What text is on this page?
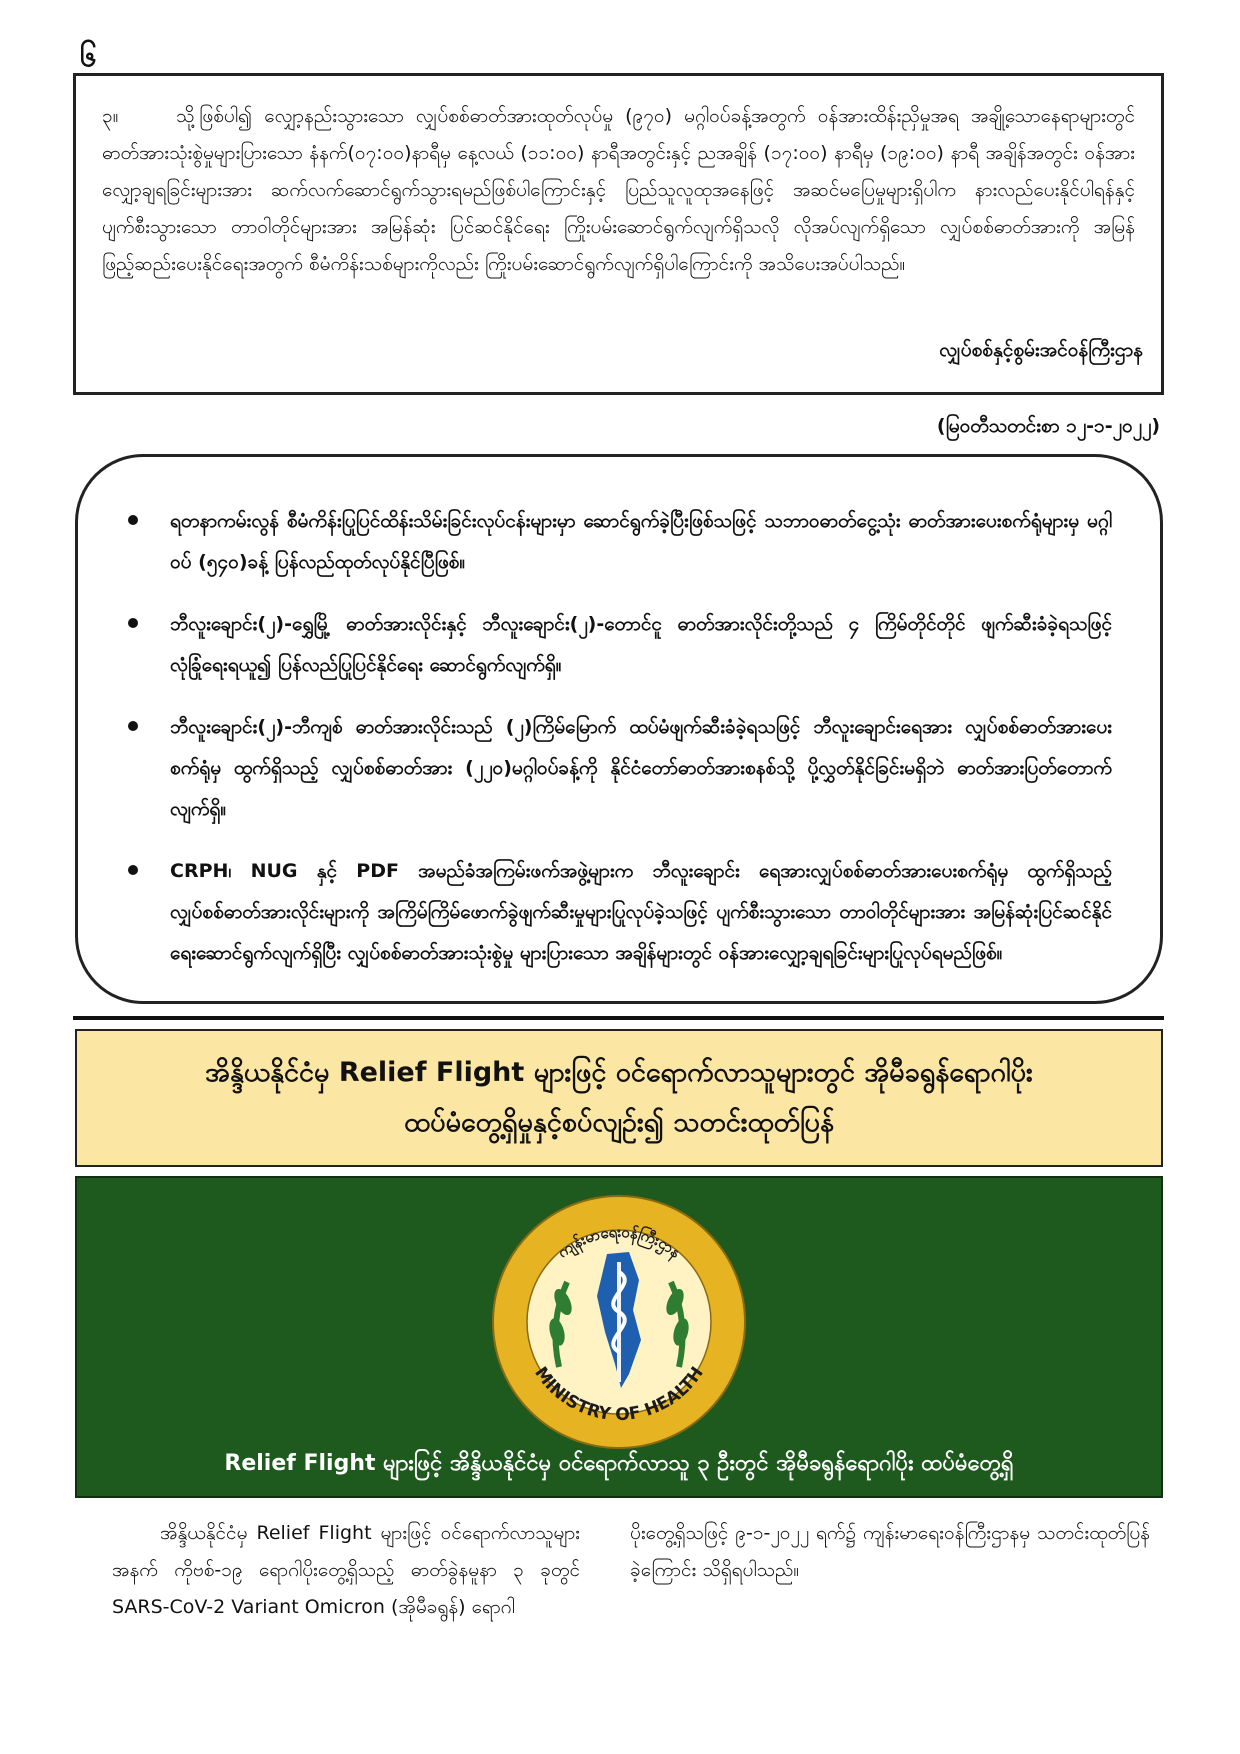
၆

၃။	သို့ဖြစ်ပါ၍ လျှော့နည်းသွားသော လျှပ်စစ်ဓာတ်အားထုတ်လုပ်မှု (၉၇၀) မဂ္ဂါဝပ်ခန့်အတွက် ဝန်အားထိန်းညှိမှုအရ အချို့သောနေရာများတွင် ဓာတ်အားသုံးစွဲမှုများပြားသော နံနက်(၀၇:၀၀)နာရီမှ နေ့လယ် (၁၁:၀၀) နာရီအတွင်းနှင့် ညအချိန် (၁၇:၀၀) နာရီမှ (၁၉:၀၀) နာရီ အချိန်အတွင်း ဝန်အားလျှော့ချရခြင်းများအား ဆက်လက်ဆောင်ရွက်သွားရမည်ဖြစ်ပါကြောင်းနှင့် ပြည်သူလူထုအနေဖြင့် အဆင်မပြေမှုများရှိပါက နားလည်ပေးနိုင်ပါရန်နှင့် ပျက်စီးသွားသော တာဝါတိုင်များအား အမြန်ဆုံး ပြင်ဆင်နိုင်ရေး ကြိုးပမ်းဆောင်ရွက်လျက်ရှိသလို လိုအပ်လျက်ရှိသော လျှပ်စစ်ဓာတ်အားကို အမြန်ဖြည့်ဆည်းပေးနိုင်ရေးအတွက် စီမံကိန်းသစ်များကိုလည်း ကြိုးပမ်းဆောင်ရွက်လျက်ရှိပါကြောင်းကို အသိပေးအပ်ပါသည်။

လျှပ်စစ်နှင့်စွမ်းအင်ဝန်ကြီးဌာန
(မြဝတီသတင်းစာ ၁၂-၁-၂၀၂၂)

ရတနာကမ်းလွန် စီမံကိန်းပြုပြင်ထိန်းသိမ်းခြင်းလုပ်ငန်းများမှာ ဆောင်ရွက်ခဲ့ပြီးဖြစ်သဖြင့် သဘာဝဓာတ်ငွေ့သုံး ဓာတ်အားပေးစက်ရုံများမှ မဂ္ဂါဝပ် (၅၄၀)ခန့် ပြန်လည်ထုတ်လုပ်နိုင်ပြီဖြစ်။

ဘီလူးချောင်း(၂)-ရွှေမြို့ ဓာတ်အားလိုင်းနှင့် ဘီလူးချောင်း(၂)-တောင်ငူ ဓာတ်အားလိုင်းတို့သည် ၄ ကြိမ်တိုင်တိုင် ဖျက်ဆီးခံခဲ့ရသဖြင့် လုံခြုံရေးရယူ၍ ပြန်လည်ပြုပြင်နိုင်ရေး ဆောင်ရွက်လျက်ရှိ။

ဘီလူးချောင်း(၂)-ဘီကျစ် ဓာတ်အားလိုင်းသည် (၂)ကြိမ်မြောက် ထပ်မံဖျက်ဆီးခံခဲ့ရသဖြင့် ဘီလူးချောင်းရေအား လျှပ်စစ်ဓာတ်အားပေးစက်ရုံမှ ထွက်ရှိသည့် လျှပ်စစ်ဓာတ်အား (၂၂၀)မဂ္ဂါဝပ်ခန့်ကို နိုင်ငံတော်ဓာတ်အားစနစ်သို့ ပို့လွှတ်နိုင်ခြင်းမရှိဘဲ ဓာတ်အားပြတ်တောက်လျက်ရှိ။

CRPH၊ NUG နှင့် PDF အမည်ခံအကြမ်းဖက်အဖွဲ့များက ဘီလူးချောင်း ရေအားလျှပ်စစ်ဓာတ်အားပေးစက်ရုံမှ ထွက်ရှိသည့် လျှပ်စစ်ဓာတ်အားလိုင်းများကို အကြိမ်ကြိမ်ဖောက်ခွဲဖျက်ဆီးမှုများပြုလုပ်ခဲ့သဖြင့် ပျက်စီးသွားသော တာဝါတိုင်များအား အမြန်ဆုံးပြင်ဆင်နိုင်ရေးဆောင်ရွက်လျက်ရှိပြီး လျှပ်စစ်ဓာတ်အားသုံးစွဲမှု များပြားသော အချိန်များတွင် ဝန်အားလျှော့ချရခြင်းများပြုလုပ်ရမည်ဖြစ်။

အိန္ဒိယနိုင်ငံမှ Relief Flight များဖြင့် ဝင်ရောက်လာသူများတွင် အိုမီခရွန်ရောဂါပိုး
ထပ်မံတွေ့ရှိမှုနှင့်စပ်လျဉ်း၍ သတင်းထုတ်ပြန်
ကျန်းမာရေးဝန်ကြီးဌာန
MINISTRY OF HEALTH
Relief Flight များဖြင့် အိန္ဒိယနိုင်ငံမှ ဝင်ရောက်လာသူ ၃ ဦးတွင် အိုမီခရွန်ရောဂါပိုး ထပ်မံတွေ့ရှိ

အိန္ဒိယနိုင်ငံမှ Relief Flight များဖြင့် ဝင်ရောက်လာသူများအနက် ကိုဗစ်-၁၉ ရောဂါပိုးတွေ့ရှိသည့် ဓာတ်ခွဲနမူနာ ၃ ခုတွင် SARS-CoV-2 Variant Omicron (အိုမီခရွန်) ရောဂါ

ပိုးတွေ့ရှိသဖြင့် ၉-၁-၂၀၂၂ ရက်၌ ကျန်းမာရေးဝန်ကြီးဌာနမှ သတင်းထုတ်ပြန်ခဲ့ကြောင်း သိရှိရပါသည်။
